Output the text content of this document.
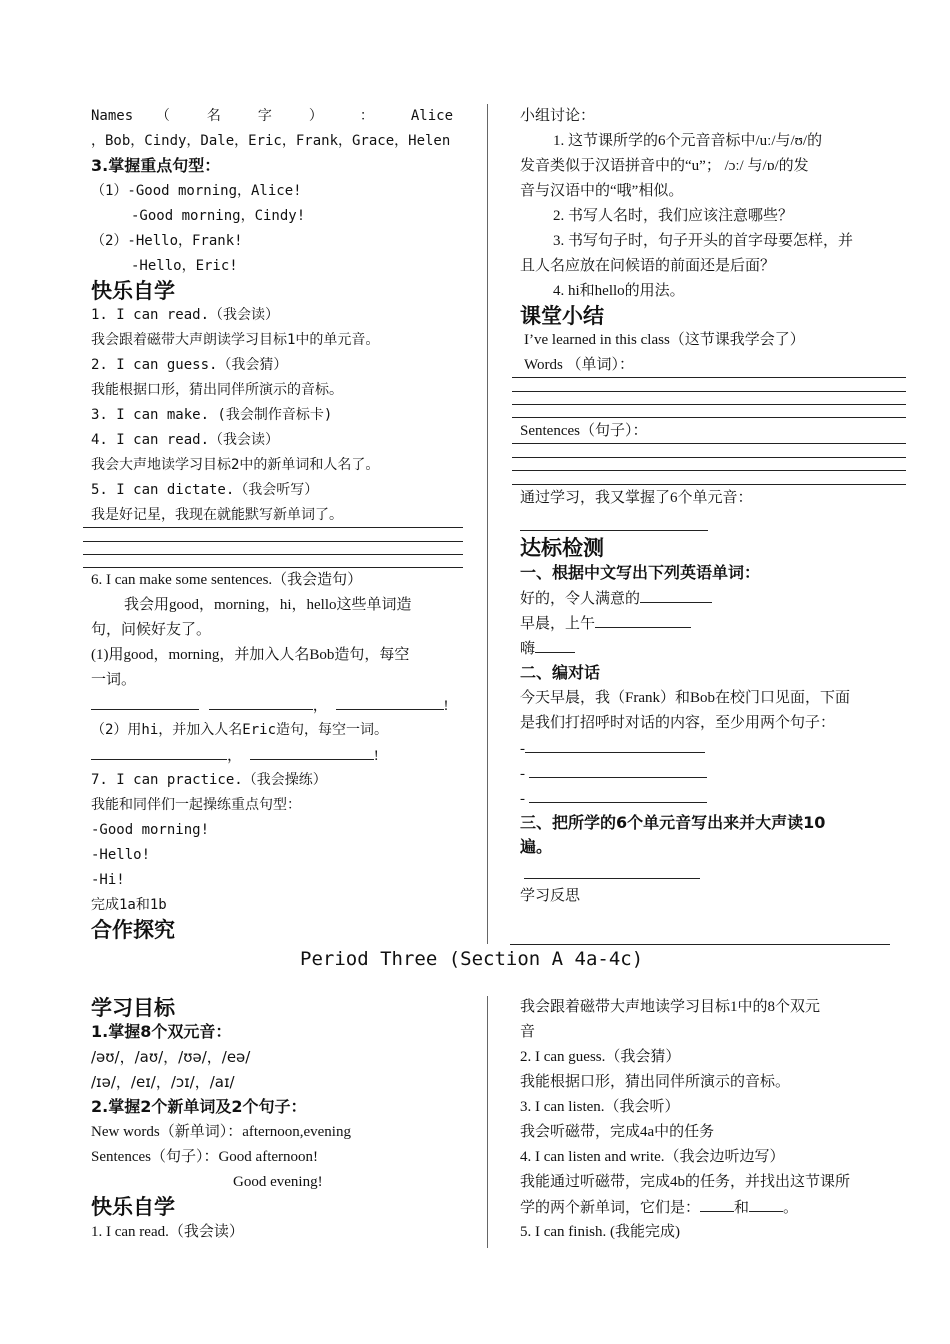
Names （ 名 字 ） ： Alice
，Bob，Cindy，Dale，Eric，Frank，Grace，Helen
3.掌握重点句型：
（1）-Good morning，Alice!
-Good morning，Cindy!
（2）-Hello，Frank!
-Hello，Eric!
快乐自学
1. I can read.（我会读）
我会跟着磁带大声朗读学习目标1中的单元音。
2. I can guess.（我会猜）
我能根据口形，猜出同伴所演示的音标。
3. I can make. (我会制作音标卡)
4. I can read.（我会读）
我会大声地读学习目标2中的新单词和人名了。
5. I can dictate.（我会听写）
我是好记星，我现在就能默写新单词了。
6. I can make some sentences.（我会造句）
我会用good，morning，hi，hello这些单词造
句，问候好友了。
(1)用good，morning，并加入人名Bob造句，每空
一词。
，	!
（2）用hi，并加入人名Eric造句，每空一词。
，	!
7. I can practice.（我会操练）
我能和同伴们一起操练重点句型：
-Good morning!
-Hello!
-Hi!
完成1a和1b
合作探究
小组讨论：
1. 这节课所学的6个元音音标中/uː/与/ʊ/的
发音类似于汉语拼音中的“u”； /ɔː/ 与/ɒ/的发
音与汉语中的“哦”相似。
2. 书写人名时，我们应该注意哪些？
3. 书写句子时，句子开头的首字母要怎样，并
且人名应放在问候语的前面还是后面？
4. hi和hello的用法。
课堂小结
I’ve learned in this class（这节课我学会了）
Words （单词）：
Sentences（句子）：
通过学习，我又掌握了6个单元音：
达标检测
一、根据中文写出下列英语单词：
好的，令人满意的
早晨，上午
嗨
二、编对话
今天早晨，我（Frank）和Bob在校门口见面，下面
是我们打招呼时对话的内容，至少用两个句子：
-
-
-
三、把所学的6个单元音写出来并大声读10
遍。
学习反思
Period Three (Section A 4a-4c)
学习目标
1.掌握8个双元音：
/əʊ/，/aʊ/，/ʊə/，/eə/
/ɪə/，/eɪ/，/ɔɪ/，/aɪ/
2.掌握2个新单词及2个句子：
New words（新单词）：afternoon,evening
Sentences（句子）：Good afternoon!
Good evening!
快乐自学
1. I can read.（我会读）
我会跟着磁带大声地读学习目标1中的8个双元
音
2. I can guess.（我会猜）
我能根据口形，猜出同伴所演示的音标。
3. I can listen.（我会听）
我会听磁带，完成4a中的任务
4. I can listen and write.（我会边听边写）
我能通过听磁带，完成4b的任务，并找出这节课所
学的两个新单词，它们是： 和 。
5. I can finish. (我能完成)
